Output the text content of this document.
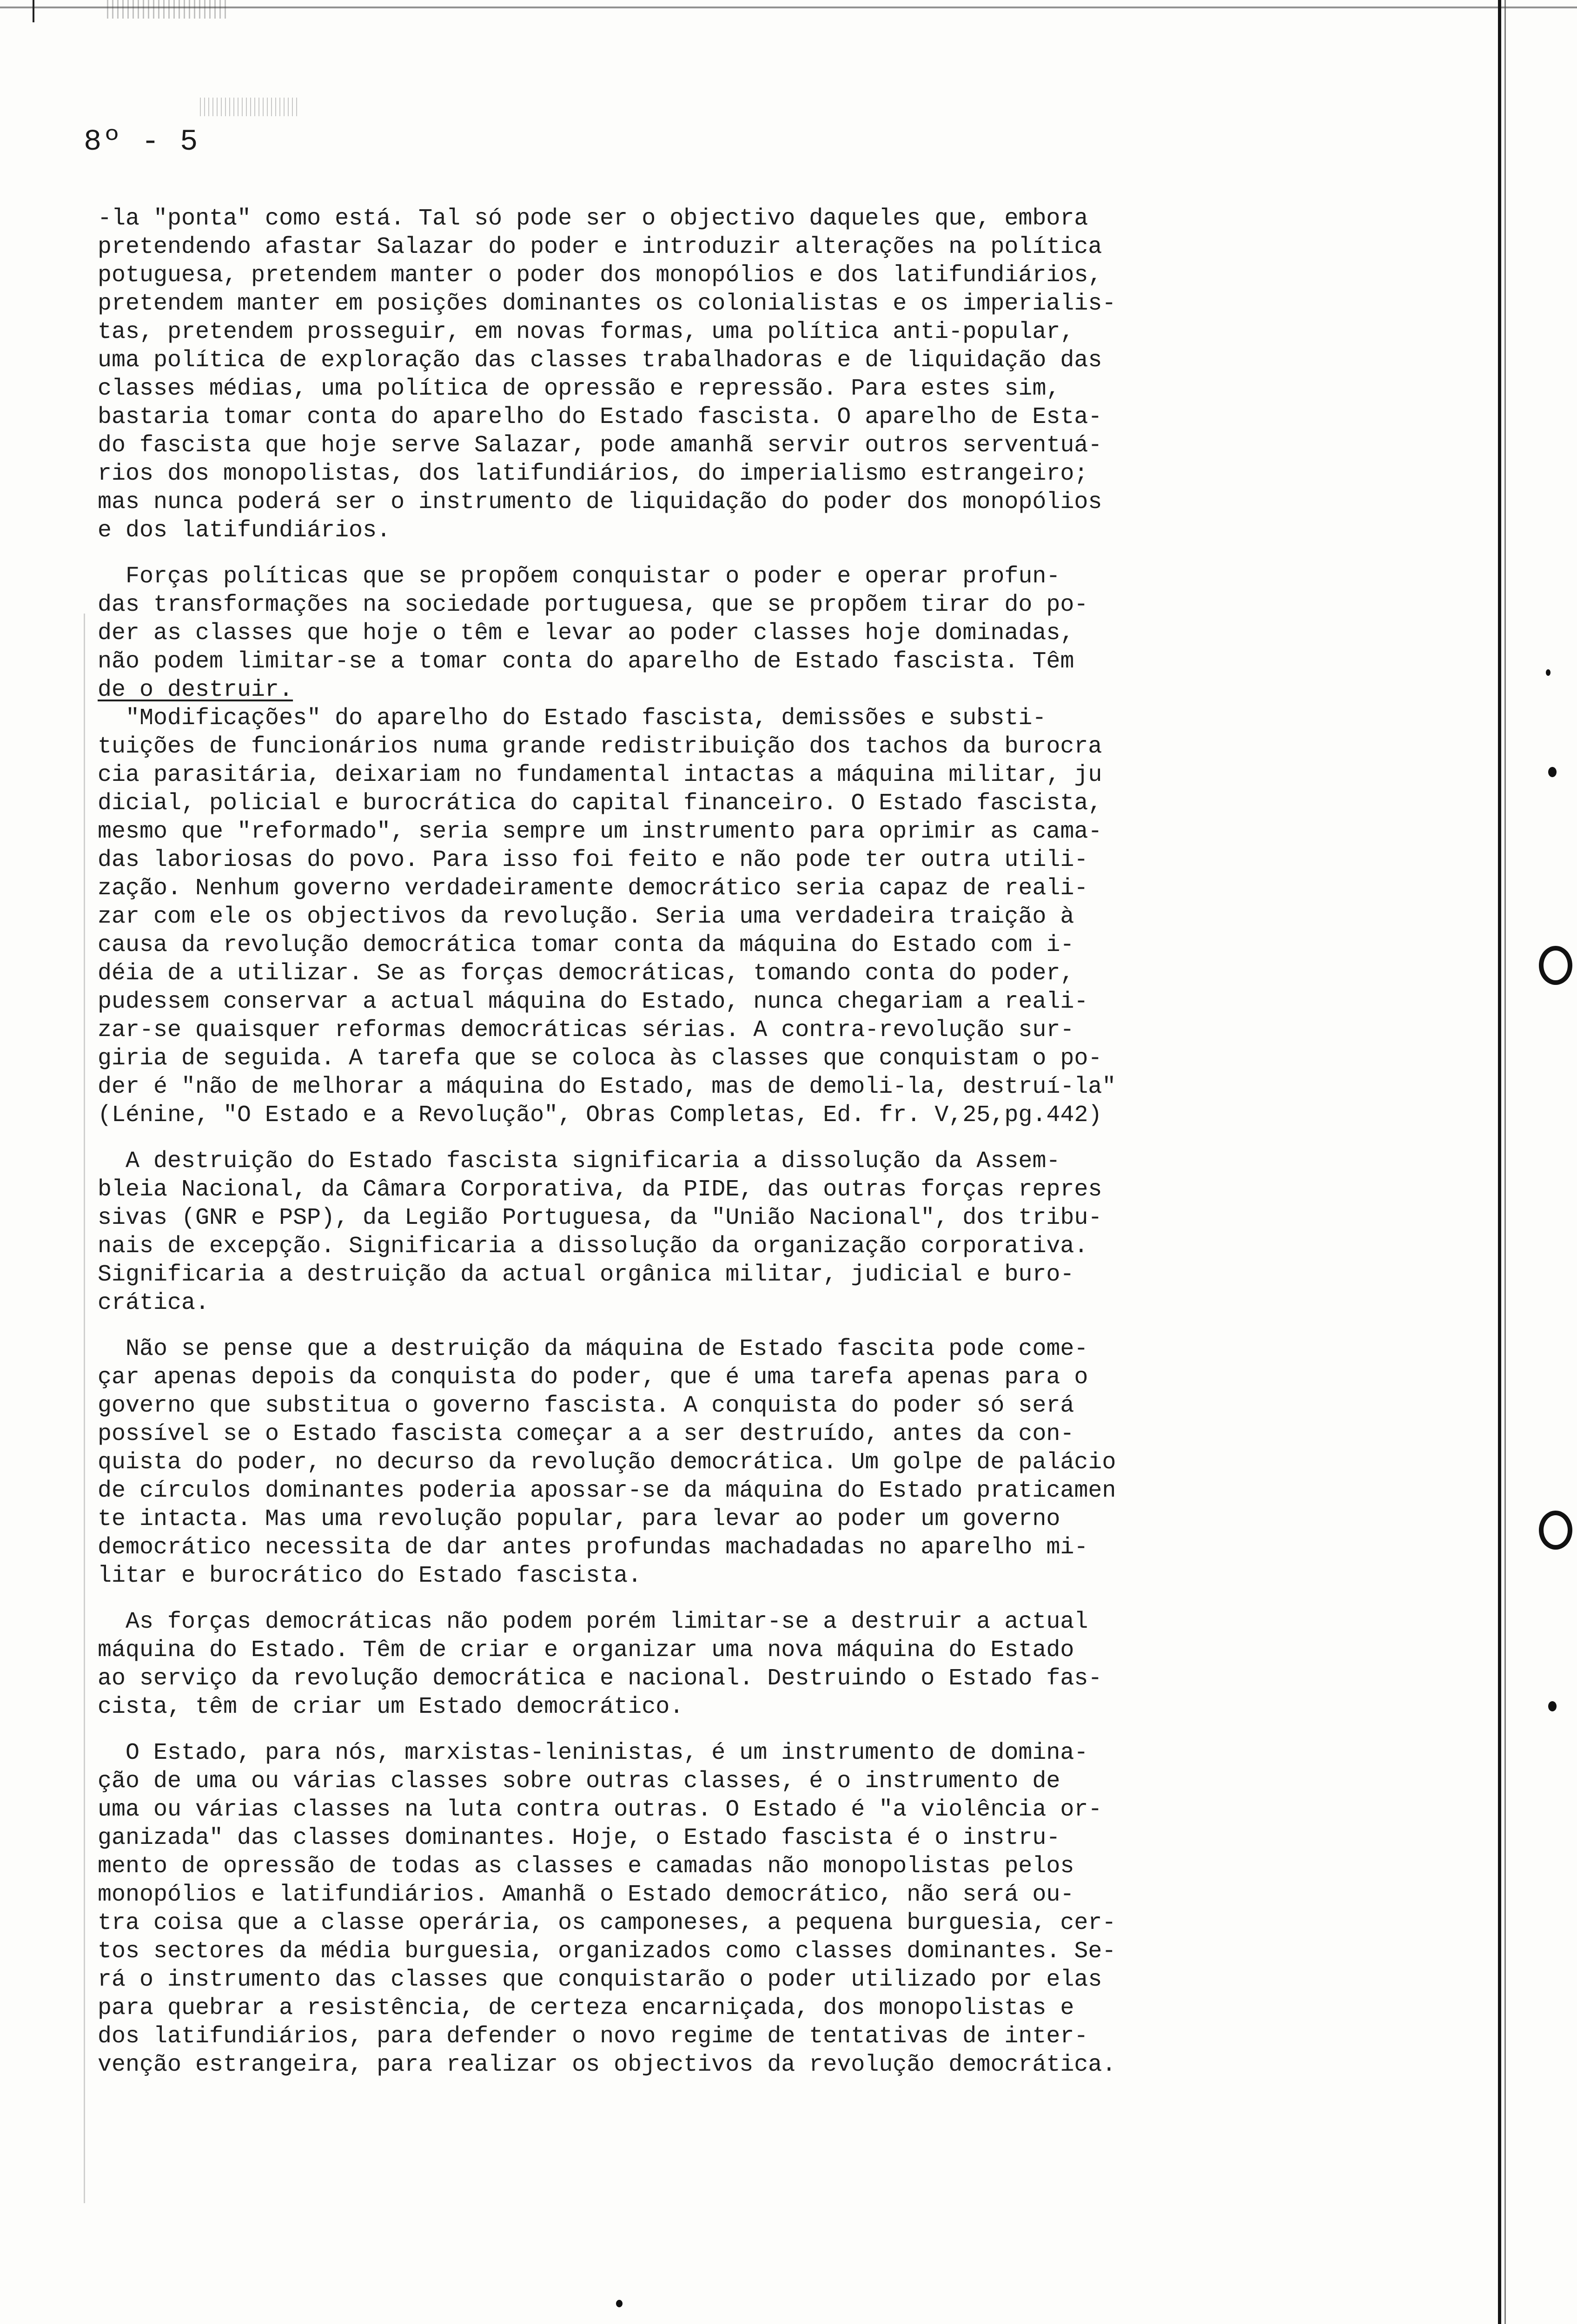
8º - 5
-la "ponta" como está. Tal só pode ser o objectivo daqueles que, embora
pretendendo afastar Salazar do poder e introduzir alterações na política
potuguesa, pretendem manter o poder dos monopólios e dos latifundiários,
pretendem manter em posições dominantes os colonialistas e os imperialis-
tas, pretendem prosseguir, em novas formas, uma política anti-popular,
uma política de exploração das classes trabalhadoras e de liquidação das
classes médias, uma política de opressão e repressão. Para estes sim,
bastaria tomar conta do aparelho do Estado fascista. O aparelho de Esta-
do fascista que hoje serve Salazar, pode amanhã servir outros serventuá-
rios dos monopolistas, dos latifundiários, do imperialismo estrangeiro;
mas nunca poderá ser o instrumento de liquidação do poder dos monopólios
e dos latifundiários.
Forças políticas que se propõem conquistar o poder e operar profun-
das transformações na sociedade portuguesa, que se propõem tirar do po-
der as classes que hoje o têm e levar ao poder classes hoje dominadas,
não podem limitar-se a tomar conta do aparelho de Estado fascista. Têm
de o destruir.
"Modificações" do aparelho do Estado fascista, demissões e substi-
tuições de funcionários numa grande redistribuição dos tachos da burocra
cia parasitária, deixariam no fundamental intactas a máquina militar, ju
dicial, policial e burocrática do capital financeiro. O Estado fascista,
mesmo que "reformado", seria sempre um instrumento para oprimir as cama-
das laboriosas do povo. Para isso foi feito e não pode ter outra utili-
zação. Nenhum governo verdadeiramente democrático seria capaz de reali-
zar com ele os objectivos da revolução. Seria uma verdadeira traição à
causa da revolução democrática tomar conta da máquina do Estado com i-
déia de a utilizar. Se as forças democráticas, tomando conta do poder,
pudessem conservar a actual máquina do Estado, nunca chegariam a reali-
zar-se quaisquer reformas democráticas sérias. A contra-revolução sur-
giria de seguida. A tarefa que se coloca às classes que conquistam o po-
der é "não de melhorar a máquina do Estado, mas de demoli-la, destruí-la"
(Lénine, "O Estado e a Revolução", Obras Completas, Ed. fr. V,25,pg.442)
A destruição do Estado fascista significaria a dissolução da Assem-
bleia Nacional, da Câmara Corporativa, da PIDE, das outras forças repres
sivas (GNR e PSP), da Legião Portuguesa, da "União Nacional", dos tribu-
nais de excepção. Significaria a dissolução da organização corporativa.
Significaria a destruição da actual orgânica militar, judicial e buro-
crática.
Não se pense que a destruição da máquina de Estado fascita pode come-
çar apenas depois da conquista do poder, que é uma tarefa apenas para o
governo que substitua o governo fascista. A conquista do poder só será
possível se o Estado fascista começar a a ser destruído, antes da con-
quista do poder, no decurso da revolução democrática. Um golpe de palácio
de círculos dominantes poderia apossar-se da máquina do Estado praticamen
te intacta. Mas uma revolução popular, para levar ao poder um governo
democrático necessita de dar antes profundas machadadas no aparelho mi-
litar e burocrático do Estado fascista.
As forças democráticas não podem porém limitar-se a destruir a actual
máquina do Estado. Têm de criar e organizar uma nova máquina do Estado
ao serviço da revolução democrática e nacional. Destruindo o Estado fas-
cista, têm de criar um Estado democrático.
O Estado, para nós, marxistas-leninistas, é um instrumento de domina-
ção de uma ou várias classes sobre outras classes, é o instrumento de
uma ou várias classes na luta contra outras. O Estado é "a violência or-
ganizada" das classes dominantes. Hoje, o Estado fascista é o instru-
mento de opressão de todas as classes e camadas não monopolistas pelos
monopólios e latifundiários. Amanhã o Estado democrático, não será ou-
tra coisa que a classe operária, os camponeses, a pequena burguesia, cer-
tos sectores da média burguesia, organizados como classes dominantes. Se-
rá o instrumento das classes que conquistarão o poder utilizado por elas
para quebrar a resistência, de certeza encarniçada, dos monopolistas e
dos latifundiários, para defender o novo regime de tentativas de inter-
venção estrangeira, para realizar os objectivos da revolução democrática.
